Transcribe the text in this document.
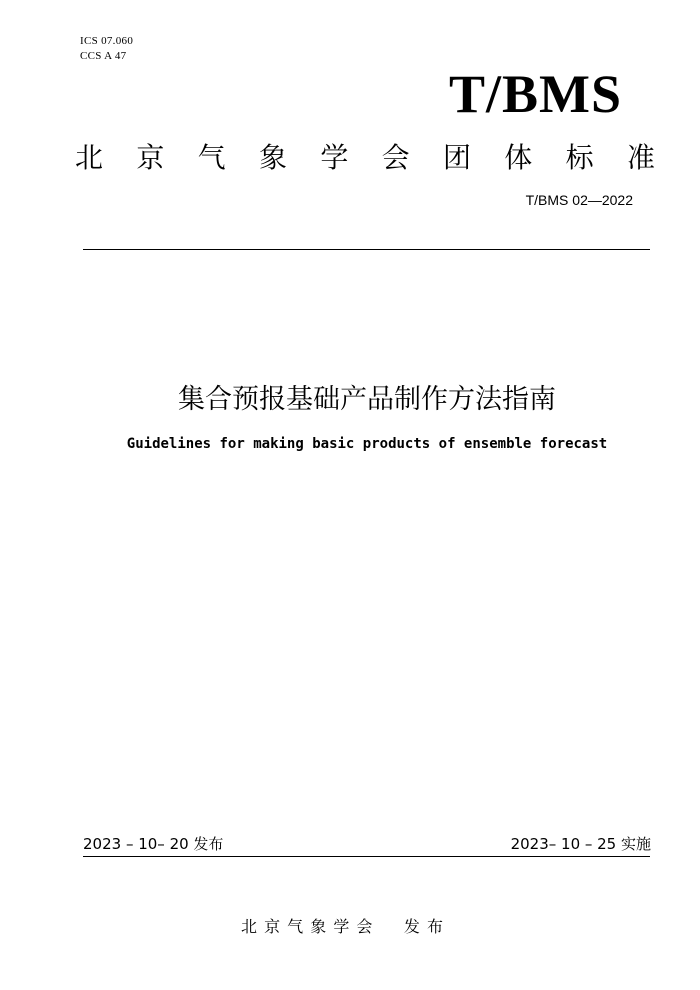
ICS 07.060
CCS A 47
T/BMS
北 京 气 象 学 会 团 体 标 准
T/BMS 02—2022
集合预报基础产品制作方法指南
Guidelines for making basic products of ensemble forecast
2023 – 10– 20 发布	2023– 10 – 25 实施
北 京 气 象 学 会     发 布
